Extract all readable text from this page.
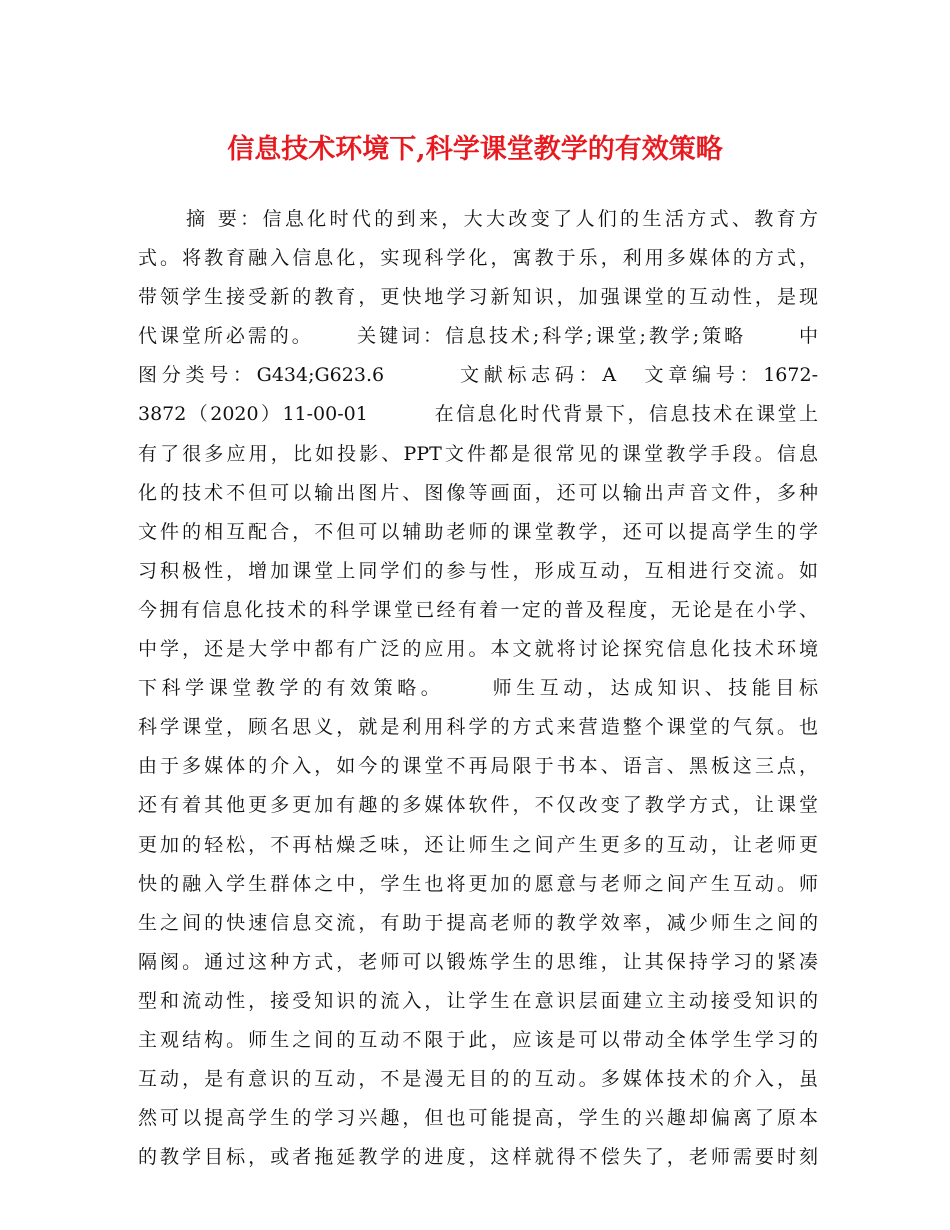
信息技术环境下,科学课堂教学的有效策略
摘 要：信息化时代的到来，大大改变了人们的生活方式、教育方
式。将教育融入信息化，实现科学化，寓教于乐，利用多媒体的方式，
带领学生接受新的教育，更快地学习新知识，加强课堂的互动性，是现
代课堂所必需的。　　 关键词：信息技术;科学;课堂;教学;策略　　 中
图分类号：G434;G623.6　　　文献标志码：A　文章编号：1672-
3872（2020）11-00-01　　　在信息化时代背景下，信息技术在课堂上
有了很多应用，比如投影、PPT文件都是很常见的课堂教学手段。信息
化的技术不但可以输出图片、图像等画面，还可以输出声音文件，多种
文件的相互配合，不但可以辅助老师的课堂教学，还可以提高学生的学
习积极性，增加课堂上同学们的参与性，形成互动，互相进行交流。如
今拥有信息化技术的科学课堂已经有着一定的普及程度，无论是在小学、
中学，还是大学中都有广泛的应用。本文就将讨论探究信息化技术环境
下科学课堂教学的有效策略。　　 师生互动，达成知识、技能目标
科学课堂，顾名思义，就是利用科学的方式来营造整个课堂的气氛。也
由于多媒体的介入，如今的课堂不再局限于书本、语言、黑板这三点，
还有着其他更多更加有趣的多媒体软件，不仅改变了教学方式，让课堂
更加的轻松，不再枯燥乏味，还让师生之间产生更多的互动，让老师更
快的融入学生群体之中，学生也将更加的愿意与老师之间产生互动。师
生之间的快速信息交流，有助于提高老师的教学效率，减少师生之间的
隔阂。通过这种方式，老师可以锻炼学生的思维，让其保持学习的紧凑
型和流动性，接受知识的流入，让学生在意识层面建立主动接受知识的
主观结构。师生之间的互动不限于此，应该是可以带动全体学生学习的
互动，是有意识的互动，不是漫无目的的互动。多媒体技术的介入，虽
然可以提高学生的学习兴趣，但也可能提高，学生的兴趣却偏离了原本
的教学目标，或者拖延教学的进度，这样就得不偿失了，老师需要时刻
